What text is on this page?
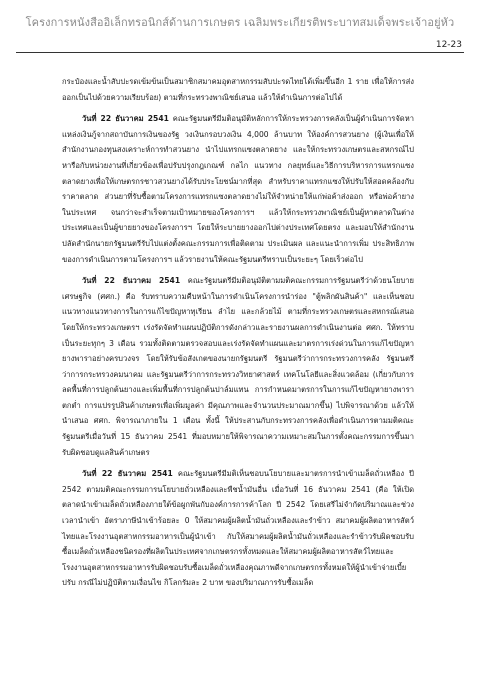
โครงการหนังสืออิเล็กทรอนิกส์ด้านการเกษตร เฉลิมพระเกียรติพระบาทสมเด็จพระเจ้าอยู่หัว
12-23

กระป๋องและน้ำสับปะรดเข้มข้นเป็นสมาชิกสมาคมอุตสาหกรรมสับปะรดไทยได้เพิ่มขึ้นอีก 1 ราย เพื่อให้การส่งออกเป็นไปด้วยความเรียบร้อย) ตามที่กระทรวงพาณิชย์เสนอ แล้วให้ดำเนินการต่อไปได้

วันที่ 22 ธันวาคม 2541 คณะรัฐมนตรีมีมติอนุมัติหลักการให้กระทรวงการคลังเป็นผู้ดำเนินการจัดหาแหล่งเงินกู้จากสถาบันการเงินของรัฐ วงเงินกรอบวงเงิน 4,000 ล้านบาท ให้องค์การสวนยาง (ผู้เงินเพื่อให้สำนักงานกองทุนสงเคราะห์การทำสวนยาง นำไปแทรกแซงตลาดยาง และให้กระทรวงเกษตรและสหกรณ์ไปหารือกับหน่วยงานที่เกี่ยวข้องเพื่อปรับปรุงกฎเกณฑ์ กลไก แนวทาง กลยุทธ์และวิธีการบริหารการแทรกแซงตลาดยางเพื่อให้เกษตรกรชาวสวนยางได้รับประโยชน์มากที่สุด สำหรับราคาแทรกแซงให้ปรับให้สอดคล้องกับราคาตลาด ส่วนยาที่รับซื้อตามโครงการแทรกแซงตลาดยางไม่ให้จำหน่ายให้แก่พ่อค้าส่งออก หรือพ่อค้ายางในประเทศ จนกว่าจะสำเร็จตามเป้าหมายของโครงการฯ แล้วให้กระทรวงพาณิชย์เป็นผู้หาตลาดในต่างประเทศและเป็นผู้ขายยางของโครงการฯ โดยให้ระบายยางออกไปต่างประเทศโดยตรง และมอบให้สำนักงานปลัดสำนักนายกรัฐมนตรีรับไปแต่งตั้งคณะกรรมการเพื่อติดตาม ประเมินผล และแนะนำการเพิ่ม ประสิทธิภาพของการดำเนินการตามโครงการฯ แล้วรายงานให้คณะรัฐมนตรีทราบเป็นระยะๆ โดยเร็วต่อไป

วันที่ 22 ธันวาคม 2541 คณะรัฐมนตรีมีมติอนุมัติตามมติคณะกรรมการรัฐมนตรีว่าด้วยนโยบายเศรษฐกิจ (ศศก.) คือ รับทราบความคืบหน้าในการดำเนินโครงการนำร่อง "ตู้พลิกผันสินค้า" และเห็นชอบแนวทางแนวทางการในการแก้ไขปัญหาทุเรียน ลำไย และกล้วยไม้ ตามที่กระทรวงเกษตรและสหกรณ์เสนอ โดยให้กระทรวงเกษตรฯ เร่งรัดจัดทำแผนปฏิบัติการดังกล่าวและรายงานผลการดำเนินงานต่อ ศศก. ให้ทราบเป็นระยะทุกๆ 3 เดือน รวมทั้งติดตามตรวจสอบและเร่งรัดจัดทำแผนและมาตรการเร่งด่วนในการแก้ไขปัญหายางพาราอย่างครบวงจร โดยให้รับข้อสังเกตของนายกรัฐมนตรี รัฐมนตรีว่าการกระทรวงการคลัง รัฐมนตรีว่าการกระทรวงคมนาคม และรัฐมนตรีว่าการกระทรวงวิทยาศาสตร์ เทคโนโลยีและสิ่งแวดล้อม (เกี่ยวกับการลดพื้นที่การปลูกต้นยางและเพิ่มพื้นที่การปลูกต้นปาล์มแทน การกำหนดมาตรการในการแก้ไขปัญหายางพาราตกต่ำ การแปรรูปสินค้าเกษตรเพื่อเพิ่มมูลค่า มีคุณภาพและจำนวนประมาณมากขึ้น) ไปพิจารณาด้วย แล้วให้นำเสนอ ศศก. พิจารณาภายใน 1 เดือน ทั้งนี้ ให้ประสานกับกระทรวงการคลังเพื่อดำเนินการตามมติคณะรัฐมนตรีเมื่อวันที่ 15 ธันวาคม 2541 ที่มอบหมายให้พิจารณาความเหมาะสมในการตั้งคณะกรรมการขึ้นมารับผิดชอบดูแลสินค้าเกษตร

วันที่ 22 ธันวาคม 2541 คณะรัฐมนตรีมีมติเห็นชอบนโยบายและมาตรการนำเข้าเมล็ดถั่วเหลือง ปี 2542 ตามมติคณะกรรมการนโยบายถั่วเหลืองและพืชน้ำมันอื่น เมื่อวันที่ 16 ธันวาคม 2541 (คือ ให้เปิดตลาดนำเข้าเมล็ดถั่วเหลืองภายใต้ข้อผูกพันกับองค์การการค้าโลก ปี 2542 โดยเสรีไม่จำกัดปริมาณและช่วงเวลานำเข้า อัตราภาษีนำเข้าร้อยละ 0 ให้สมาคมผู้ผลิตน้ำมันถั่วเหลืองและรำข้าว สมาคมผู้ผลิตอาหารสัตว์ไทยและโรงงานอุตสาหกรรมอาหารเป็นผู้นำเข้า กับให้สมาคมผู้ผลิตน้ำมันถั่วเหลืองและรำข้าวรับผิดชอบรับซื้อเมล็ดถั่วเหลืองชนิดรองที่ผลิตในประเทศจากเกษตรกรทั้งหมดและให้สมาคมผู้ผลิตอาหารสัตว์ไทยและโรงงานอุตสาหกรรมอาหารรับผิดชอบรับซื้อเมล็ดถั่วเหลืองคุณภาพดีจากเกษตรกรทั้งหมดให้ผู้นำเข้าจ่ายเบี้ยปรับ กรณีไม่ปฏิบัติตามเงื่อนไข กิโลกรัมละ 2 บาท ของปริมาณการรับซื้อเมล็ด
